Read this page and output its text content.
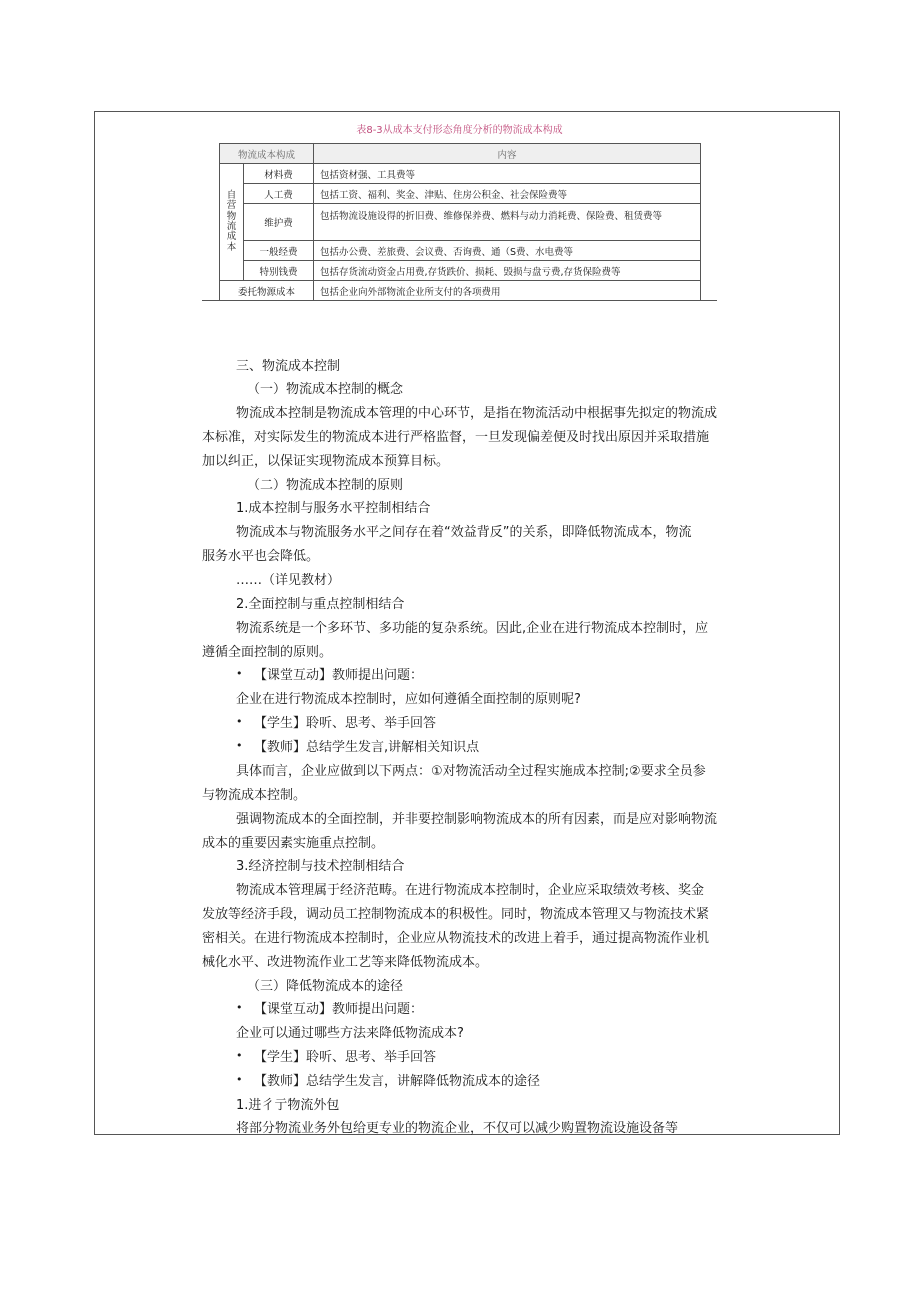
表8-3从成本支付形态角度分析的物流成本构成
物流成本构成		内容

自营物流成本	材料费	包括资材强、工具费等
	人工费	包括工资、福利、奖金、津贴、住房公积金、社会保险费等
	维护费	包括物流设施设得的折旧费、维修保养费、燃料与动力消耗费、保险费、租赁费等
	一般经费	包括办公费、差旅费、会议费、否询费、通（S费、水电费等
	特别钱费	包括存货流动资金占用费,存货跌价、损耗、毁损与盘亏费,存货保险费等
委托物源成本		包括企业向外部物流企业所支付的各项费用
三、物流成本控制
（一）物流成本控制的概念
物流成本控制是物流成本管理的中心环节，是指在物流活动中根据事先拟定的物流成
本标准，对实际发生的物流成本进行严格监督，一旦发现偏差便及时找出原因并采取措施
加以纠正，以保证实现物流成本预算目标。
（二）物流成本控制的原则
1.成本控制与服务水平控制相结合
物流成本与物流服务水平之间存在着“效益背反”的关系，即降低物流成本，物流
服务水平也会降低。
……（详见教材）
2.全面控制与重点控制相结合
物流系统是一个多环节、多功能的复杂系统。因此,企业在进行物流成本控制时，应
遵循全面控制的原则。
• 【课堂互动】教师提出问题：
企业在进行物流成本控制时，应如何遵循全面控制的原则呢?
• 【学生】聆听、思考、举手回答
• 【教师】总结学生发言,讲解相关知识点
具体而言，企业应做到以下两点：①对物流活动全过程实施成本控制;②要求全员参
与物流成本控制。
强调物流成本的全面控制，并非要控制影响物流成本的所有因素，而是应对影响物流
成本的重要因素实施重点控制。
3.经济控制与技术控制相结合
物流成本管理属于经济范畴。在进行物流成本控制时，企业应采取绩效考核、奖金
发放等经济手段，调动员工控制物流成本的积极性。同时，物流成本管理又与物流技术紧
密相关。在进行物流成本控制时，企业应从物流技术的改进上着手，通过提高物流作业机
械化水平、改进物流作业工艺等来降低物流成本。
（三）降低物流成本的途径
• 【课堂互动】教师提出问题：
企业可以通过哪些方法来降低物流成本?
• 【学生】聆听、思考、举手回答
• 【教师】总结学生发言，讲解降低物流成本的途径
1.进彳亍物流外包
将部分物流业务外包给更专业的物流企业，不仅可以减少购置物流设施设备等
